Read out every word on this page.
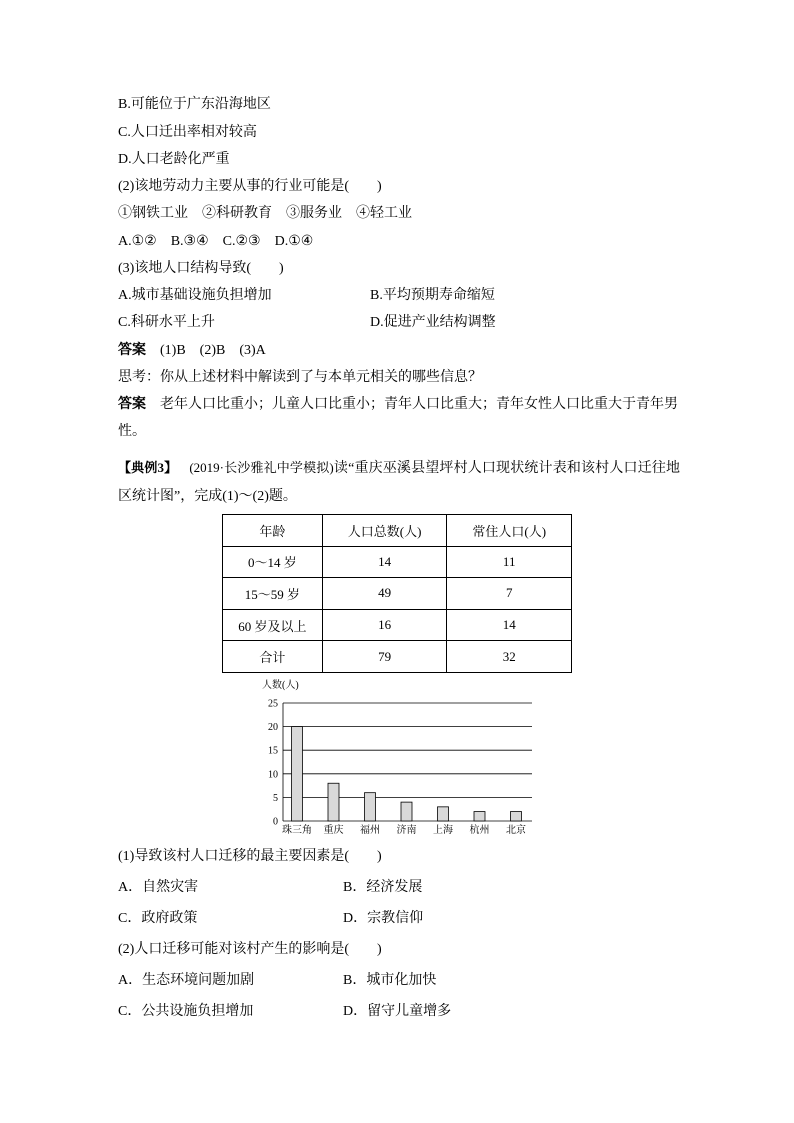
B.可能位于广东沿海地区
C.人口迁出率相对较高
D.人口老龄化严重
(2)该地劳动力主要从事的行业可能是(　　)
①钢铁工业　②科研教育　③服务业　④轻工业
A.①②　B.③④　C.②③　D.①④
(3)该地人口结构导致(　　)
A.城市基础设施负担增加	B.平均预期寿命缩短
C.科研水平上升	D.促进产业结构调整
答案 (1)B　(2)B　(3)A
思考：你从上述材料中解读到了与本单元相关的哪些信息？
答案 老年人口比重小；儿童人口比重小；青年人口比重大；青年女性人口比重大于青年男性。
【典例3】 (2019·长沙雅礼中学模拟)读“重庆巫溪县望坪村人口现状统计表和该村人口迁往地区统计图”，完成(1)～(2)题。
年龄	人口总数(人)	常住人口(人)
0～14 岁	14	11
15～59 岁	49	7
60 岁及以上	16	14
合计	79	32
0
5
10
15
20
25
珠三角 重庆 福州 济南 上海 杭州 北京
人数(人)
(1)导致该村人口迁移的最主要因素是(　　)
A．自然灾害	B．经济发展
C．政府政策	D．宗教信仰
(2)人口迁移可能对该村产生的影响是(　　)
A．生态环境问题加剧	B．城市化加快
C．公共设施负担增加	D．留守儿童增多
